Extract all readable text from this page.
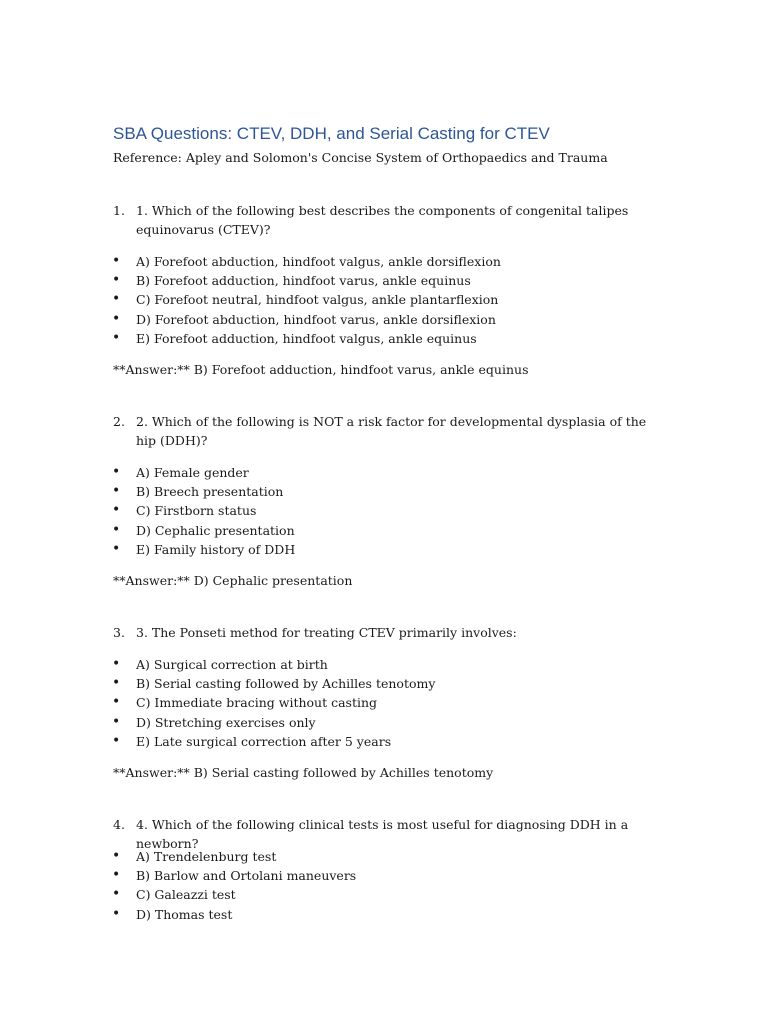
SBA Questions: CTEV, DDH, and Serial Casting for CTEV
Reference: Apley and Solomon's Concise System of Orthopaedics and Trauma
1. 1. Which of the following best describes the components of congenital talipes equinovarus (CTEV)?
• A) Forefoot abduction, hindfoot valgus, ankle dorsiflexion
• B) Forefoot adduction, hindfoot varus, ankle equinus
• C) Forefoot neutral, hindfoot valgus, ankle plantarflexion
• D) Forefoot abduction, hindfoot varus, ankle dorsiflexion
• E) Forefoot adduction, hindfoot valgus, ankle equinus
**Answer:** B) Forefoot adduction, hindfoot varus, ankle equinus
2. 2. Which of the following is NOT a risk factor for developmental dysplasia of the hip (DDH)?
• A) Female gender
• B) Breech presentation
• C) Firstborn status
• D) Cephalic presentation
• E) Family history of DDH
**Answer:** D) Cephalic presentation
3. 3. The Ponseti method for treating CTEV primarily involves:
• A) Surgical correction at birth
• B) Serial casting followed by Achilles tenotomy
• C) Immediate bracing without casting
• D) Stretching exercises only
• E) Late surgical correction after 5 years
**Answer:** B) Serial casting followed by Achilles tenotomy
4. 4. Which of the following clinical tests is most useful for diagnosing DDH in a newborn?
• A) Trendelenburg test
• B) Barlow and Ortolani maneuvers
• C) Galeazzi test
• D) Thomas test
